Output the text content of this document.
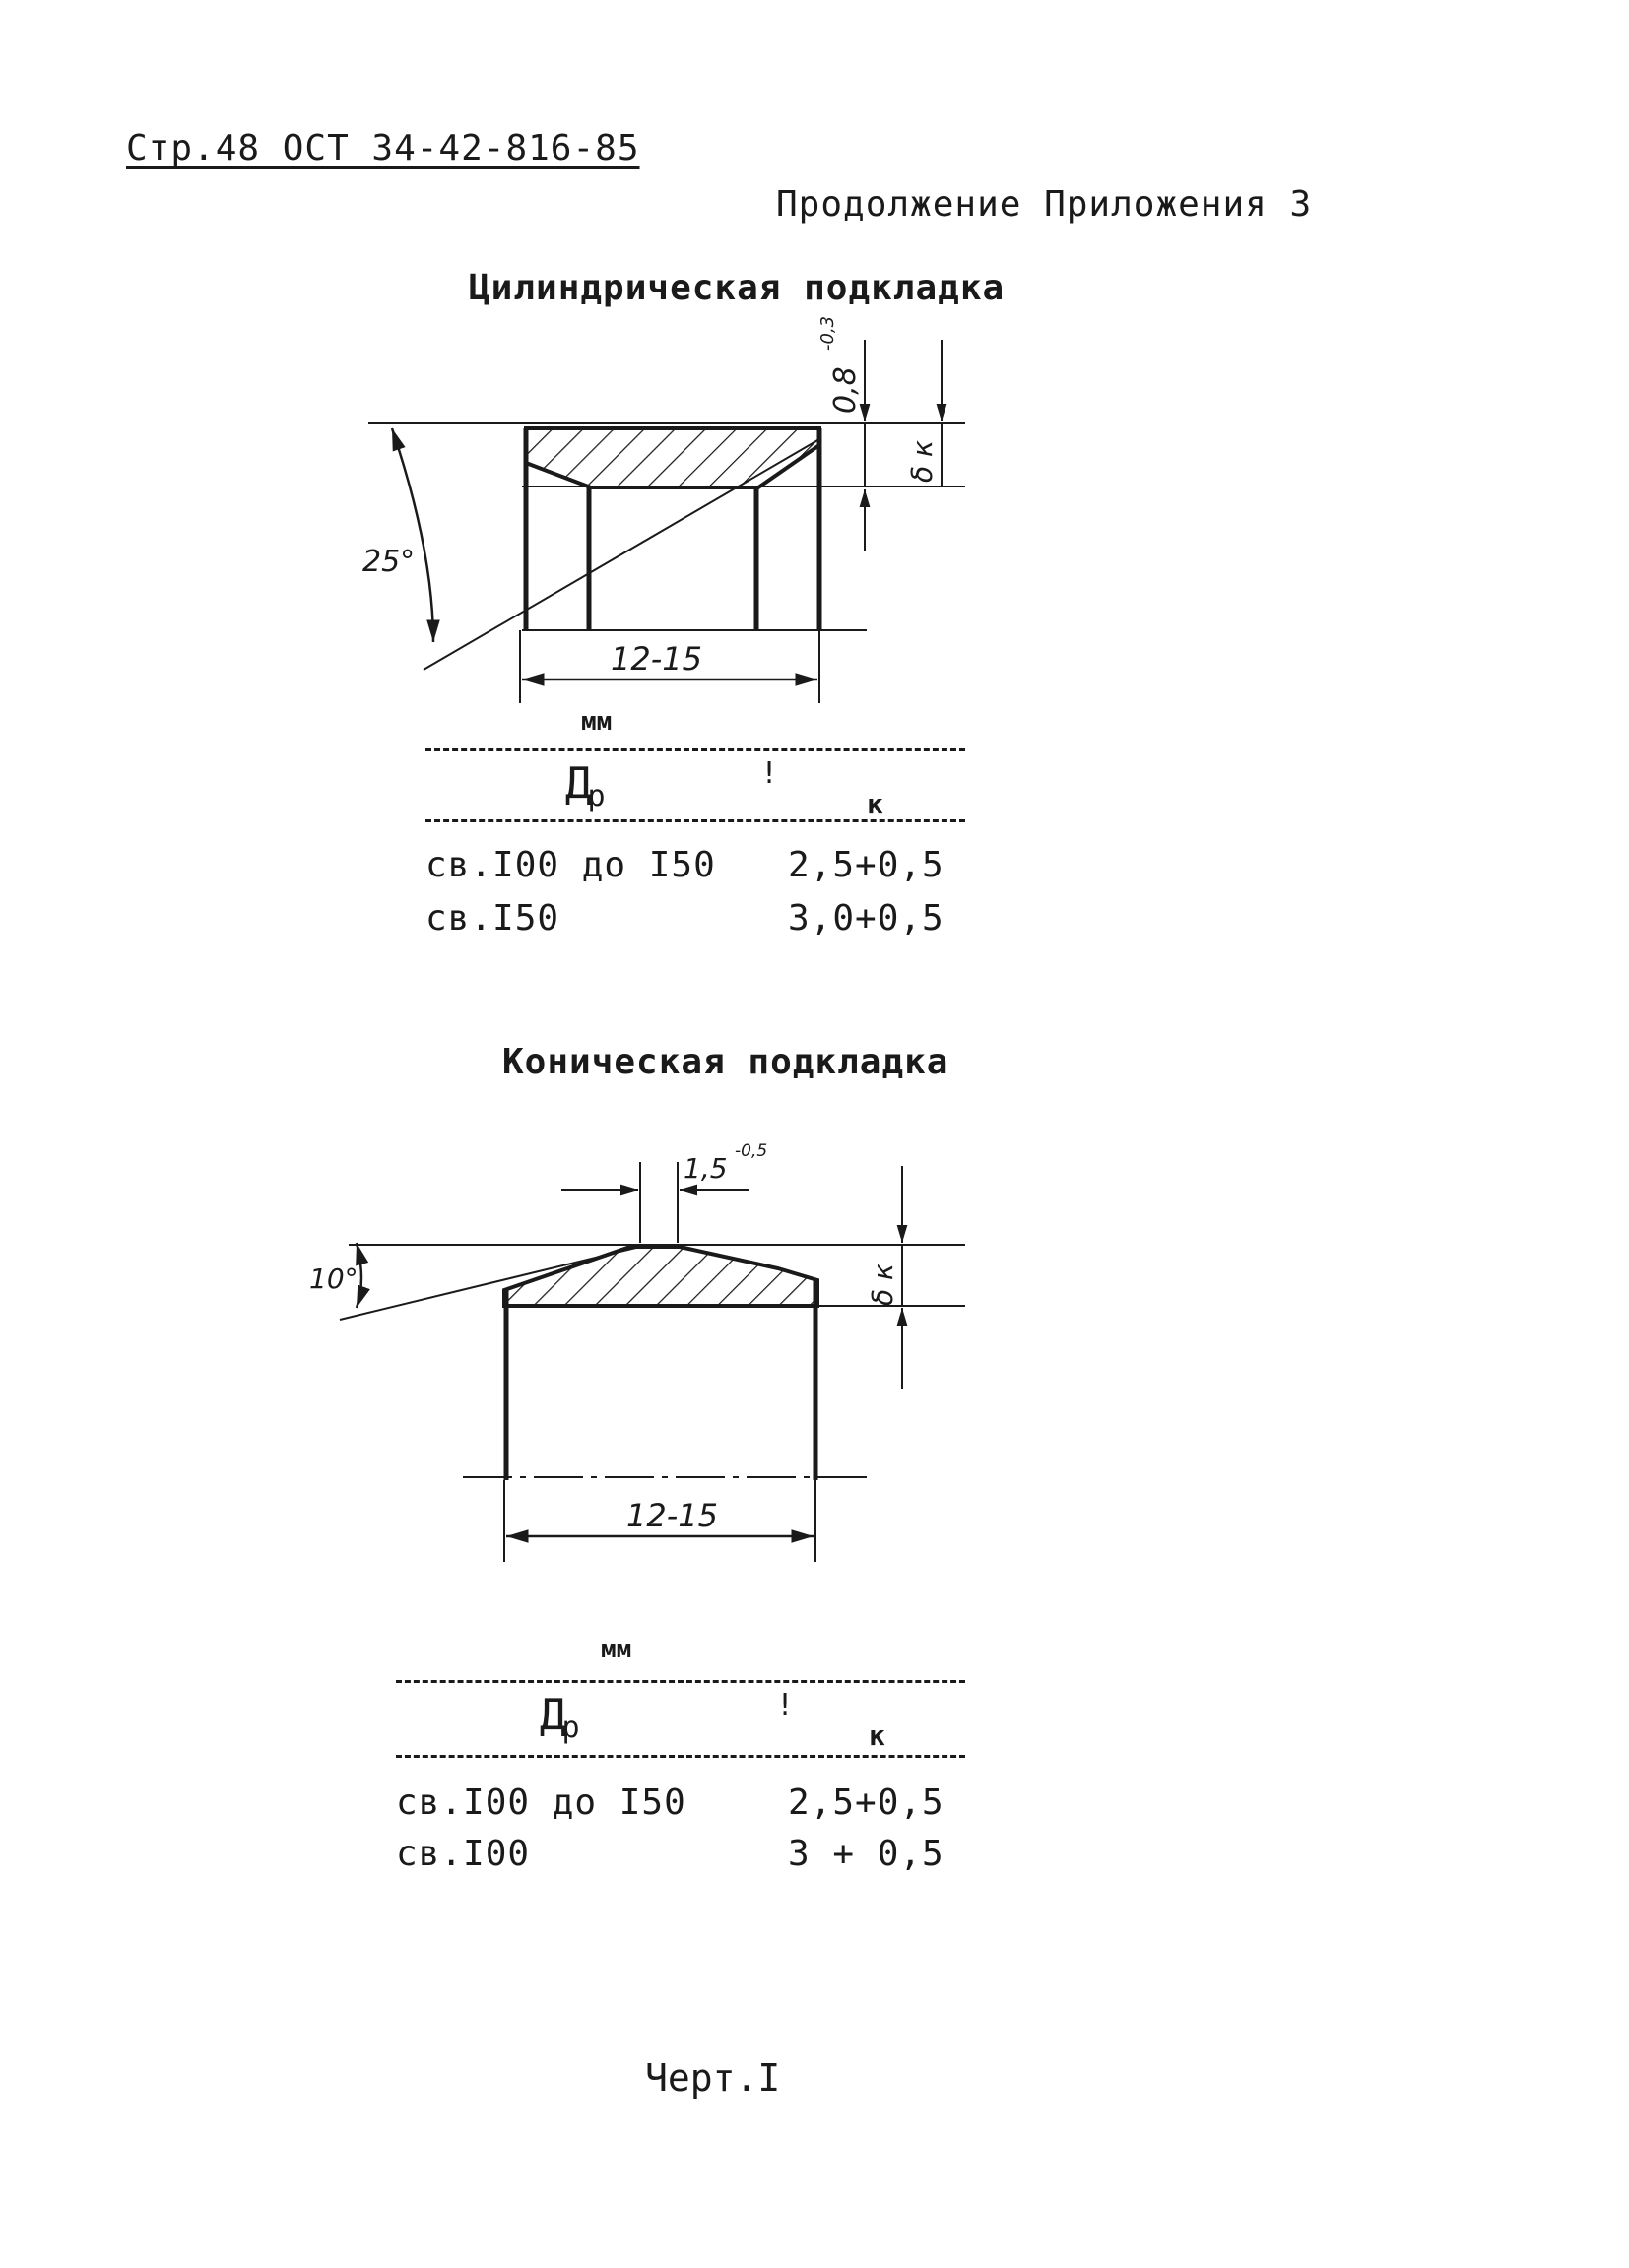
Стр.48 ОСТ 34-42-816-85
Продолжение Приложения 3
Цилиндрическая подкладка
25°
12-15
0,8
-0,3
δ к
мм
$Д_р$
!
к
св.I00 до I50 2,5+0,5
св.I50	3,0+0,5
Коническая подкладка
1,5
-0,5
10°	δ к
12-15
мм
$Д_р$
!
к
св.I00 до I50	2,5+0,5
св.I00	3 + 0,5
Черт.I
